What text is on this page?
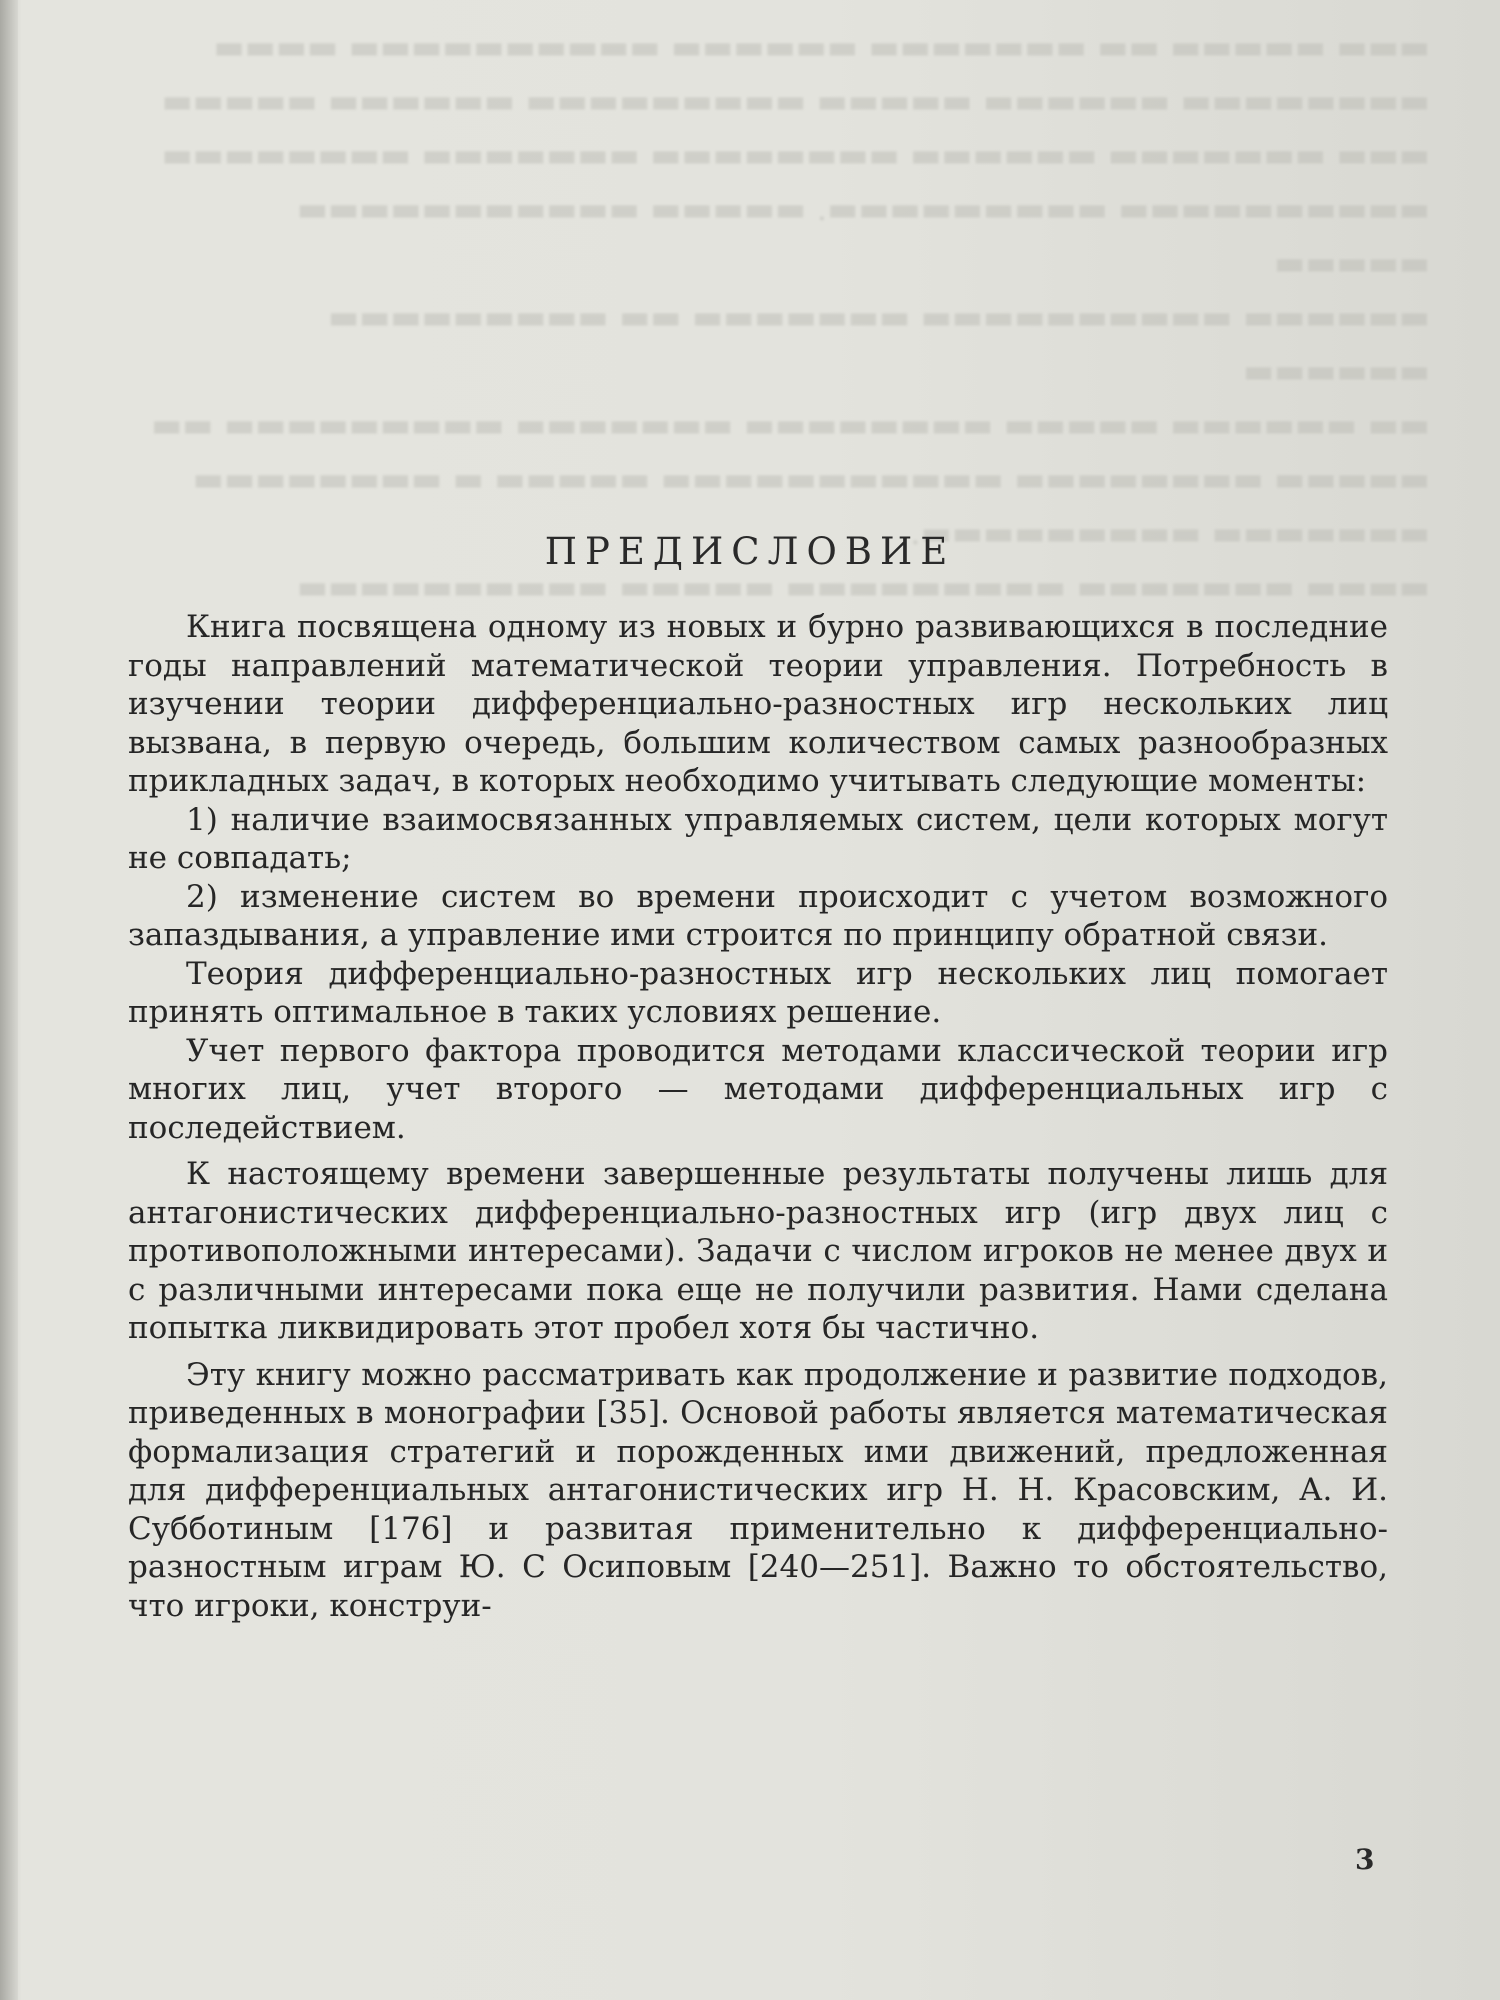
▬▬▬ ▬▬▬▬▬ ▬▬ ▬▬▬▬▬▬▬ ▬▬▬▬▬▬ ▬▬▬▬▬▬▬▬▬▬ ▬▬▬▬
▬▬▬▬▬▬▬▬ ▬▬▬▬▬▬ ▬▬▬▬▬ ▬▬▬▬▬▬▬▬▬ ▬▬▬▬▬▬ ▬▬▬▬▬
▬▬▬ ▬▬▬▬▬▬▬ ▬▬▬▬▬▬ ▬▬▬▬▬▬▬▬ ▬▬▬▬▬▬▬ ▬▬▬▬▬▬▬▬
▬▬▬▬▬▬▬▬▬▬ ▬▬▬▬▬▬▬▬▬. ▬▬▬▬▬ ▬▬▬▬▬▬▬▬▬▬▬ ▬▬▬▬▬
▬▬▬▬▬▬ ▬▬▬▬▬▬▬▬▬▬ ▬▬▬▬▬▬▬ ▬▬ ▬▬▬▬▬▬▬▬▬ ▬▬▬▬▬▬
▬▬ ▬▬▬▬▬▬ ▬▬▬▬▬ ▬▬▬▬▬▬▬▬ ▬▬▬▬▬▬▬ ▬▬▬▬▬▬▬▬▬ ▬▬
▬▬▬▬▬ ▬▬▬▬▬▬▬▬ ▬▬▬▬▬▬▬▬▬▬▬ ▬▬▬▬▬ ▬ ▬▬▬▬▬▬▬▬
▬▬▬▬▬▬▬ ▬▬▬▬▬▬▬▬▬.
▬▬▬▬ ▬▬▬▬▬▬▬ ▬▬▬▬▬▬▬▬▬ ▬▬▬▬▬ ▬▬▬▬▬▬▬▬▬▬

ПРЕДИСЛОВИЕ

Книга посвящена одному из новых и бурно развивающихся в последние годы направлений математической теории управления. Потребность в изучении теории дифференциально-разностных игр нескольких лиц вызвана, в первую очередь, большим количеством самых разнообразных прикладных задач, в которых необходимо учитывать следующие моменты:

1) наличие взаимосвязанных управляемых систем, цели которых могут не совпадать;

2) изменение систем во времени происходит с учетом возможного запаздывания, а управление ими строится по принципу обратной связи.

Теория дифференциально-разностных игр нескольких лиц помогает принять оптимальное в таких условиях решение.

Учет первого фактора проводится методами классической теории игр многих лиц, учет второго — методами дифференциальных игр с последействием.

К настоящему времени завершенные результаты получены лишь для антагонистических дифференциально-разностных игр (игр двух лиц с противоположными интересами). Задачи с числом игроков не менее двух и с различными интересами пока еще не получили развития. Нами сделана попытка ликвидировать этот пробел хотя бы частично.

Эту книгу можно рассматривать как продолжение и развитие подходов, приведенных в монографии [35]. Основой работы является математическая формализация стратегий и порожденных ими движений, предложенная для дифференциальных антагонистических игр Н. Н. Красовским, А. И. Субботиным [176] и развитая применительно к дифференциально-разностным играм Ю. С Осиповым [240—251]. Важно то обстоятельство, что игроки, конструи-

3
